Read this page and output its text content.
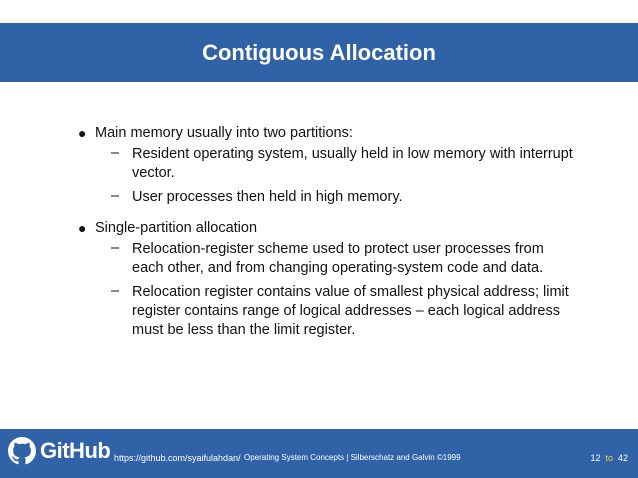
Contiguous Allocation
● Main memory usually into two partitions:
– Resident operating system, usually held in low memory with interrupt vector.
– User processes then held in high memory.
● Single-partition allocation
– Relocation-register scheme used to protect user processes from each other, and from changing operating-system code and data.
– Relocation register contains value of smallest physical address; limit register contains range of logical addresses – each logical address must be less than the limit register.
GitHub https://github.com/syaifulahdan/ Operating System Concepts | Silberschatz and Galvin ©1999	12 to 42
